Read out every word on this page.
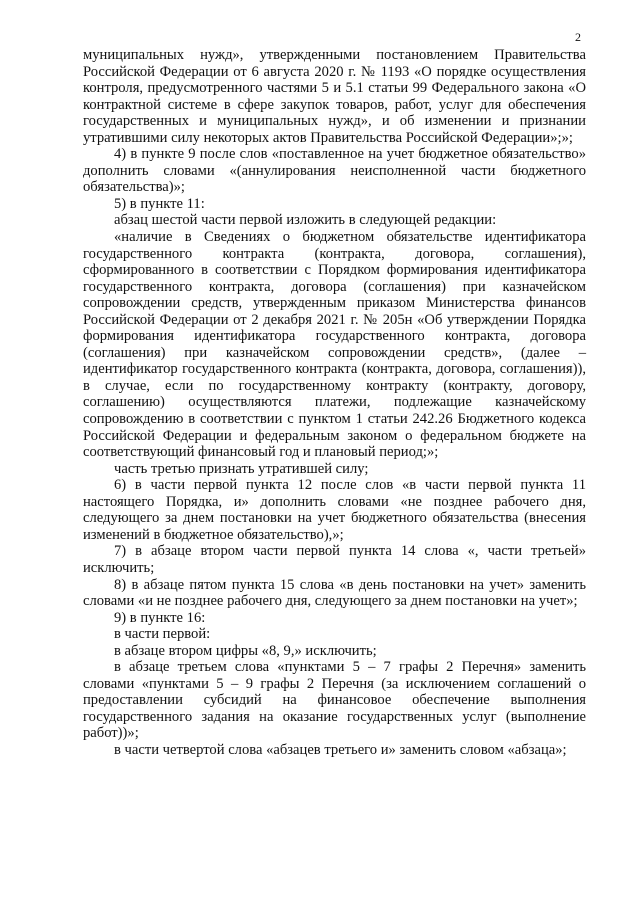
2

муниципальных нужд», утвержденными постановлением Правительства Российской Федерации от 6 августа 2020 г. № 1193 «О порядке осуществления контроля, предусмотренного частями 5 и 5.1 статьи 99 Федерального закона «О контрактной системе в сфере закупок товаров, работ, услуг для обеспечения государственных и муниципальных нужд», и об изменении и признании утратившими силу некоторых актов Правительства Российской Федерации»;»;

4) в пункте 9 после слов «поставленное на учет бюджетное обязательство» дополнить словами «(аннулирования неисполненной части бюджетного обязательства)»;

5) в пункте 11:

абзац шестой части первой изложить в следующей редакции:

«наличие в Сведениях о бюджетном обязательстве идентификатора государственного контракта (контракта, договора, соглашения), сформированного в соответствии с Порядком формирования идентификатора государственного контракта, договора (соглашения) при казначейском сопровождении средств, утвержденным приказом Министерства финансов Российской Федерации от 2 декабря 2021 г. № 205н «Об утверждении Порядка формирования идентификатора государственного контракта, договора (соглашения) при казначейском сопровождении средств», (далее – идентификатор государственного контракта (контракта, договора, соглашения)), в случае, если по государственному контракту (контракту, договору, соглашению) осуществляются платежи, подлежащие казначейскому сопровождению в соответствии с пунктом 1 статьи 242.26 Бюджетного кодекса Российской Федерации и федеральным законом о федеральном бюджете на соответствующий финансовый год и плановый период;»;

часть третью признать утратившей силу;

6) в части первой пункта 12 после слов «в части первой пункта 11 настоящего Порядка, и» дополнить словами «не позднее рабочего дня, следующего за днем постановки на учет бюджетного обязательства (внесения изменений в бюджетное обязательство),»;

7) в абзаце втором части первой пункта 14 слова «, части третьей» исключить;

8) в абзаце пятом пункта 15 слова «в день постановки на учет» заменить словами «и не позднее рабочего дня, следующего за днем постановки на учет»;

9) в пункте 16:

в части первой:

в абзаце втором цифры «8, 9,» исключить;

в абзаце третьем слова «пунктами 5 – 7 графы 2 Перечня» заменить словами «пунктами 5 – 9 графы 2 Перечня (за исключением соглашений о предоставлении субсидий на финансовое обеспечение выполнения государственного задания на оказание государственных услуг (выполнение работ))»;

в части четвертой слова «абзацев третьего и» заменить словом «абзаца»;
